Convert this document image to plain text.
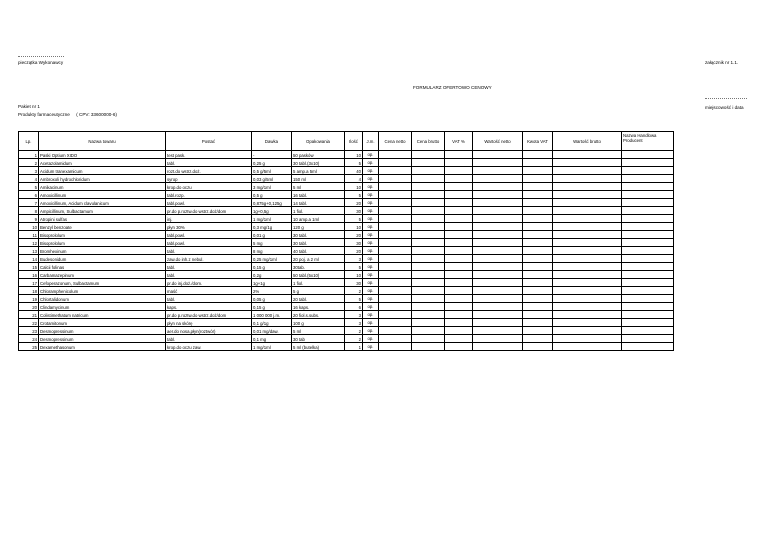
pieczątka Wykonawcy	załącznik nr 1.1.
FORMULARZ OFERTOWO CENOWY
miejscowość i data
Pakiet nr 1
Produkty farmaceutyczne ( CPV: 33600000-6)
Lp.	Nazwa towaru	Postać	Dawka	Opakowania	Ilość	J.m.	Cena netto	Cena brutto	VAT %	Wartość netto	Kwota VAT	Wartość brutto	Nazwa Handlowa Producent
1	Paski Optium XIDO	test pask.	-	50 pasków	10	op.							
2	Acetazolamidum	tabl.	0,25 g	30 tabl.(3x10)	5	op.							
3	Acidum tranexamicum	rozt.do wstrz.doż.	0,5 g/5ml	5 amp.a 5ml	40	op.							
4	Ambroxoli hydrochloridum	syrop	0,03 g/5ml	150 ml	4	op.							
5	Amikacinum	krop.do oczu	3 mg/1ml	5 ml	10	op.							
6	Amoxicillinum	tabl.rozp.	0,5 g	16 tabl.	5	op.							
7	Amoxicillinum, Acidum clavulanicum	tabl.powl.	0,875g+0,125g	14 tabl.	20	op.							
8	Ampicillinum, Sulbactamum	pr.do p.roztw.do wstrz.doż/dom	1g+0,5g	1 fiol.	30	op.							
9	Atropini sulfas	inj.	1 mg/1ml	10 amp.a 1ml	5	op.							
10	Benzyl benzoate	płyn 30%	0,3 mg/1g	120 g	10	op.							
11	Bisoprololum	tabl.powl.	0,01 g	30 tabl.	20	op.							
12	Bisoprololum	tabl.powl.	5 mg	30 tabl.	30	op.							
13	Bromhexinum	tabl.	8 mg	40 tabl.	20	op.							
14	Budesonidum	zaw.do inh.z nebul.	0,25 mg/1ml	20 poj. a 2 ml	3	op.							
15	Calcii folinas	tabl.	0,15 g	30tab.	5	op.							
16	Carbamazepinum	tabl.	0,2g	50 tabl.(5x10)	10	op.							
17	Cefoperazonum, Sulbactamum	pr.do inj.doż./dom.	1g+1g	1 fiol.	30	op.							
18	Chloramphenicolum	maść	2%	5 g	2	op.							
19	Chlortalidonum	tabl.	0,05 g	20 tabl.	5	op.							
20	Clindamycinum	kaps.	0,15 g	16 kaps.	6	op.							
21	Colistimethatum natricum	pr.do p.roztw.do wstrz.doż/dom	1 000 000 j.m.	20 fiol.s.subs.	3	op.							
22	Crotamitonum	płyn na skórę	0,1 g/1g	100 g	3	op.							
23	Desmopressinum	aer.do nosa,płyn(roztwór)	0,01 mg/daw.	5 ml	2	op.							
24	Desmopressinum	tabl.	0,1 mg	30 tab	2	op.							
25	Dexamethasonum	krop.do oczu zaw.	1 mg/1ml	5 ml (butelka)	1	op.							
